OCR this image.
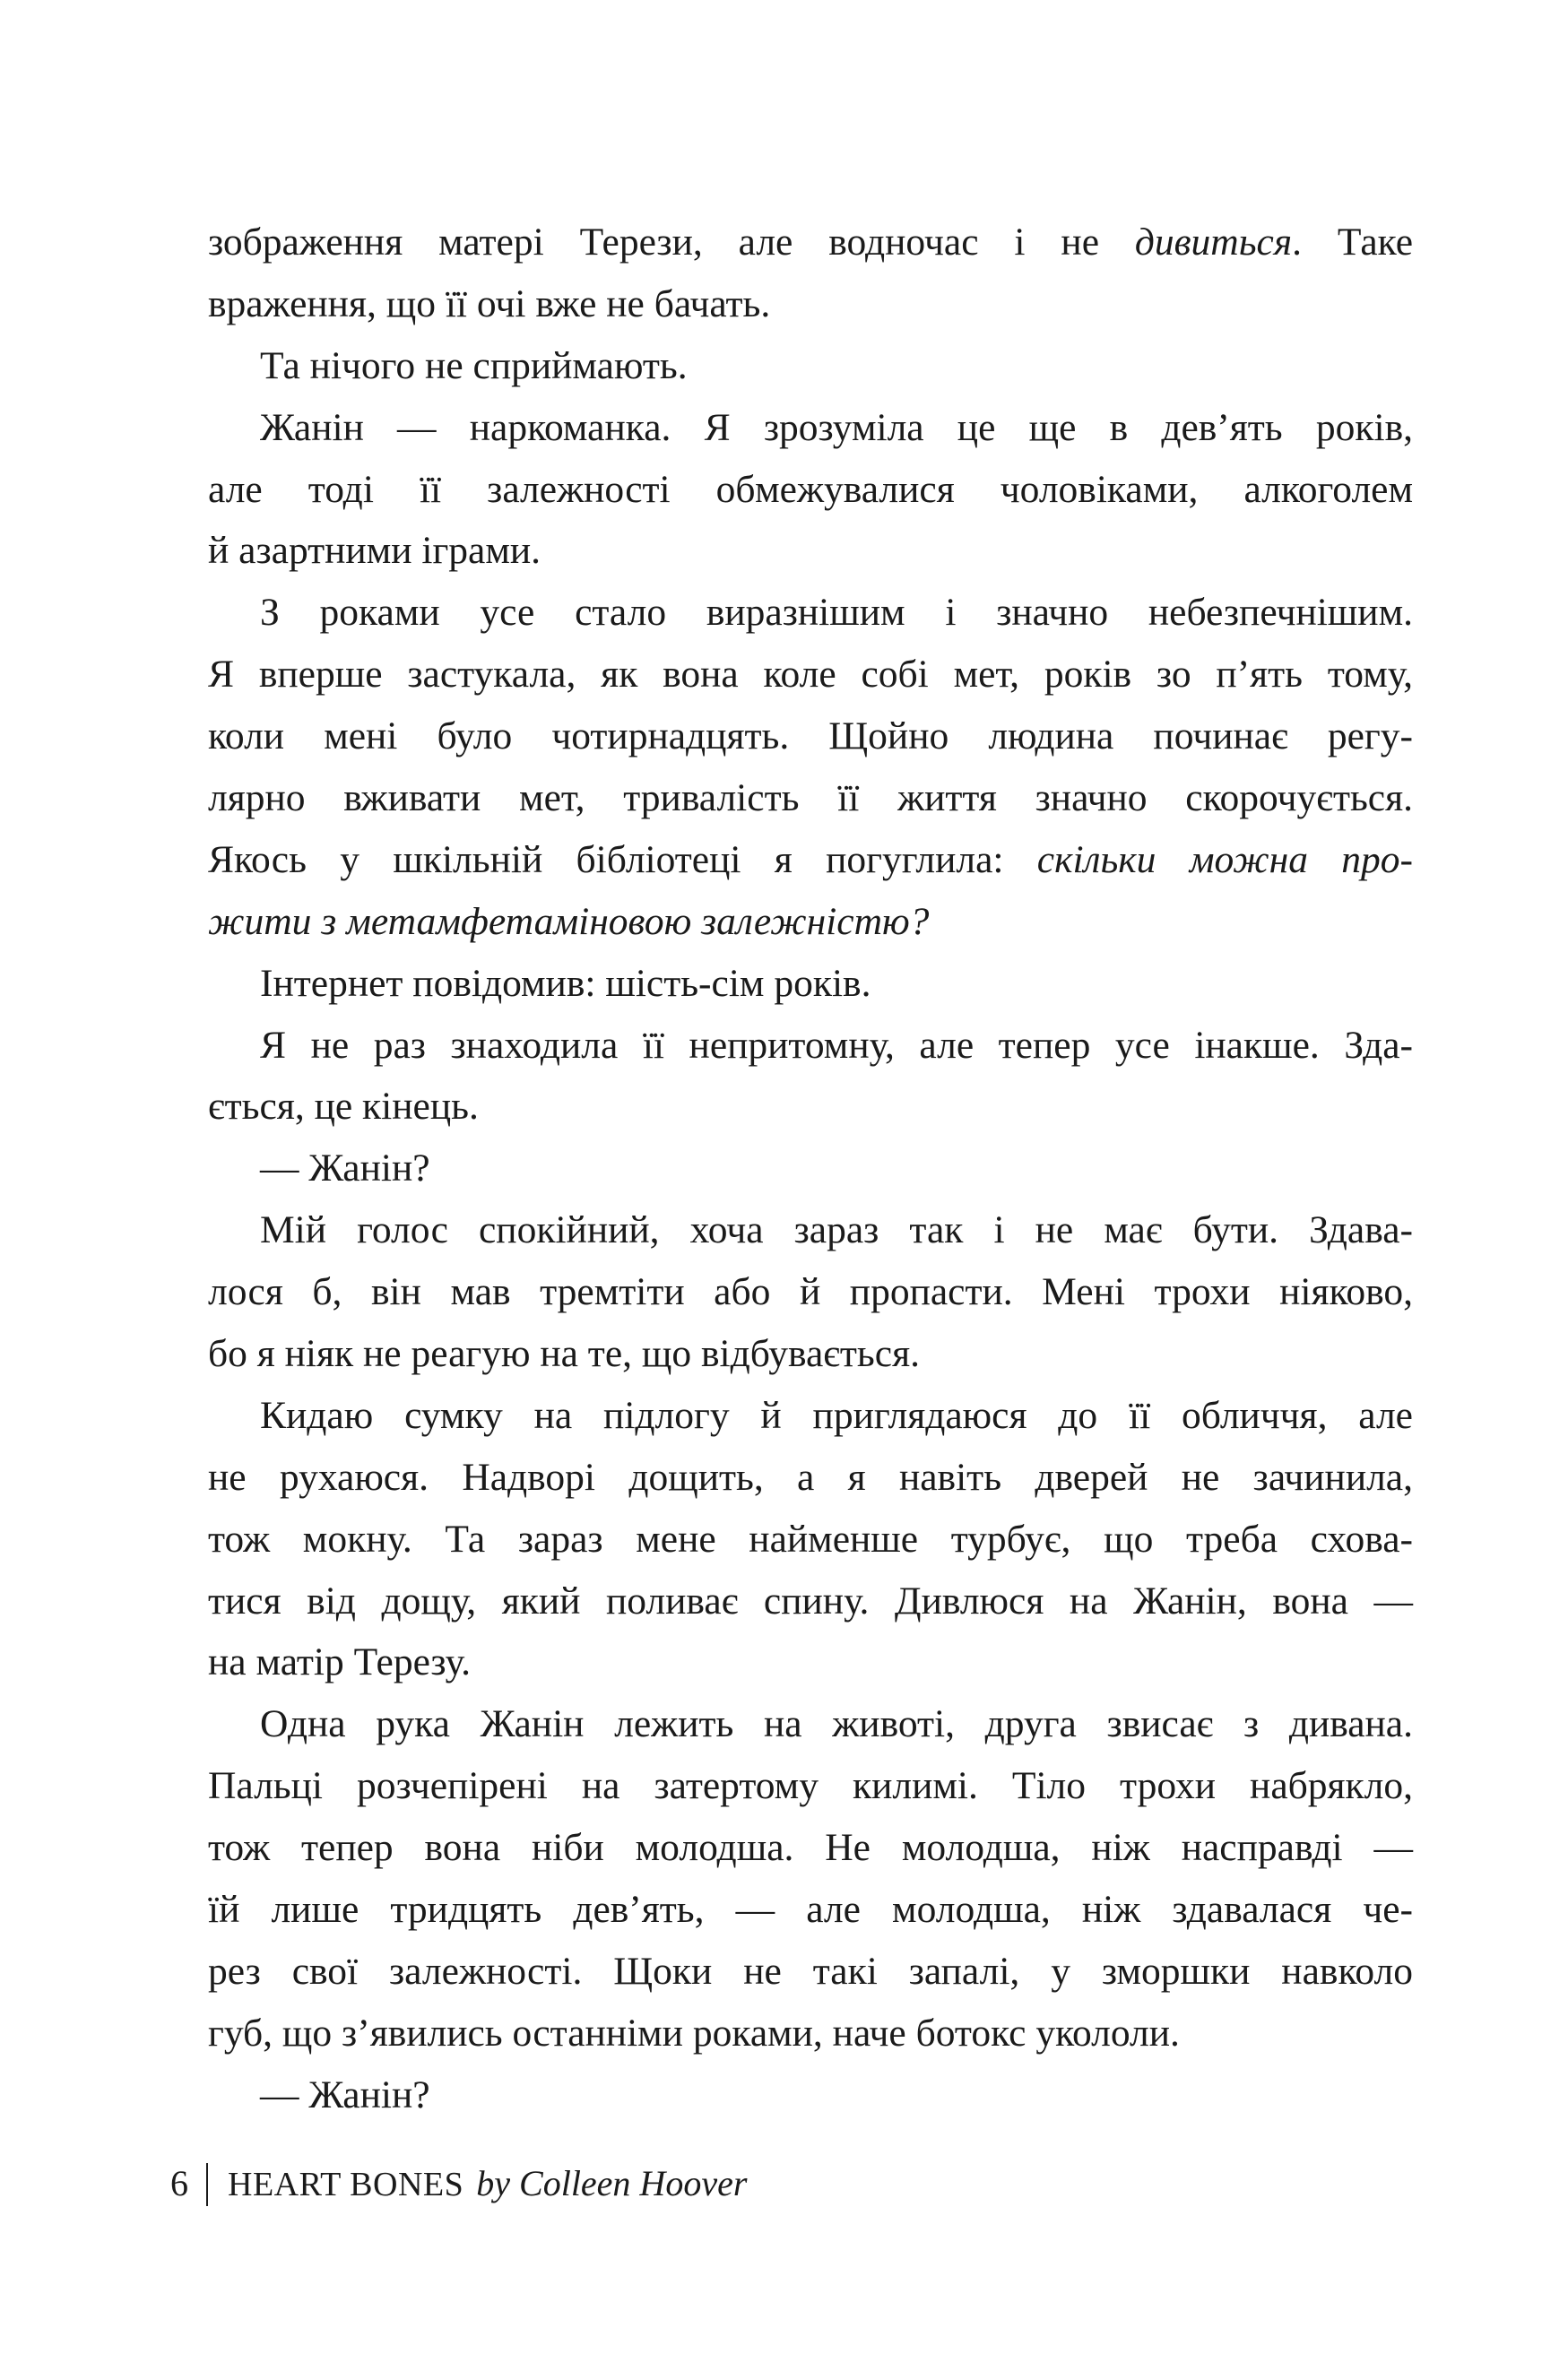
зображення матері Терези, але водночас і не дивиться. Таке
враження, що її очі вже не бачать.
Та нічого не сприймають.
Жанін — наркоманка. Я зрозуміла це ще в дев’ять років,
але тоді її залежності обмежувалися чоловіками, алкоголем
й азартними іграми.
З роками усе стало виразнішим і значно небезпечнішим.
Я вперше застукала, як вона коле собі мет, років зо п’ять тому,
коли мені було чотирнадцять. Щойно людина починає регу-
лярно вживати мет, тривалість її життя значно скорочується.
Якось у шкільній бібліотеці я погуглила: скільки можна про-
жити з метамфетаміновою залежністю?
Інтернет повідомив: шість-сім років.
Я не раз знаходила її непритомну, але тепер усе інакше. Зда-
ється, це кінець.
— Жанін?
Мій голос спокійний, хоча зараз так і не має бути. Здава-
лося б, він мав тремтіти або й пропасти. Мені трохи ніяково,
бо я ніяк не реагую на те, що відбувається.
Кидаю сумку на підлогу й приглядаюся до її обличчя, але
не рухаюся. Надворі дощить, а я навіть дверей не зачинила,
тож мокну. Та зараз мене найменше турбує, що треба схова-
тися від дощу, який поливає спину. Дивлюся на Жанін, вона —
на матір Терезу.
Одна рука Жанін лежить на животі, друга звисає з дивана.
Пальці розчепірені на затертому килимі. Тіло трохи набрякло,
тож тепер вона ніби молодша. Не молодша, ніж насправді —
їй лише тридцять дев’ять, — але молодша, ніж здавалася че-
рез свої залежності. Щоки не такі запалі, у зморшки навколо
губ, що з’явились останніми роками, наче ботокс укололи.
— Жанін?
6 HEART BONES by Colleen Hoover
